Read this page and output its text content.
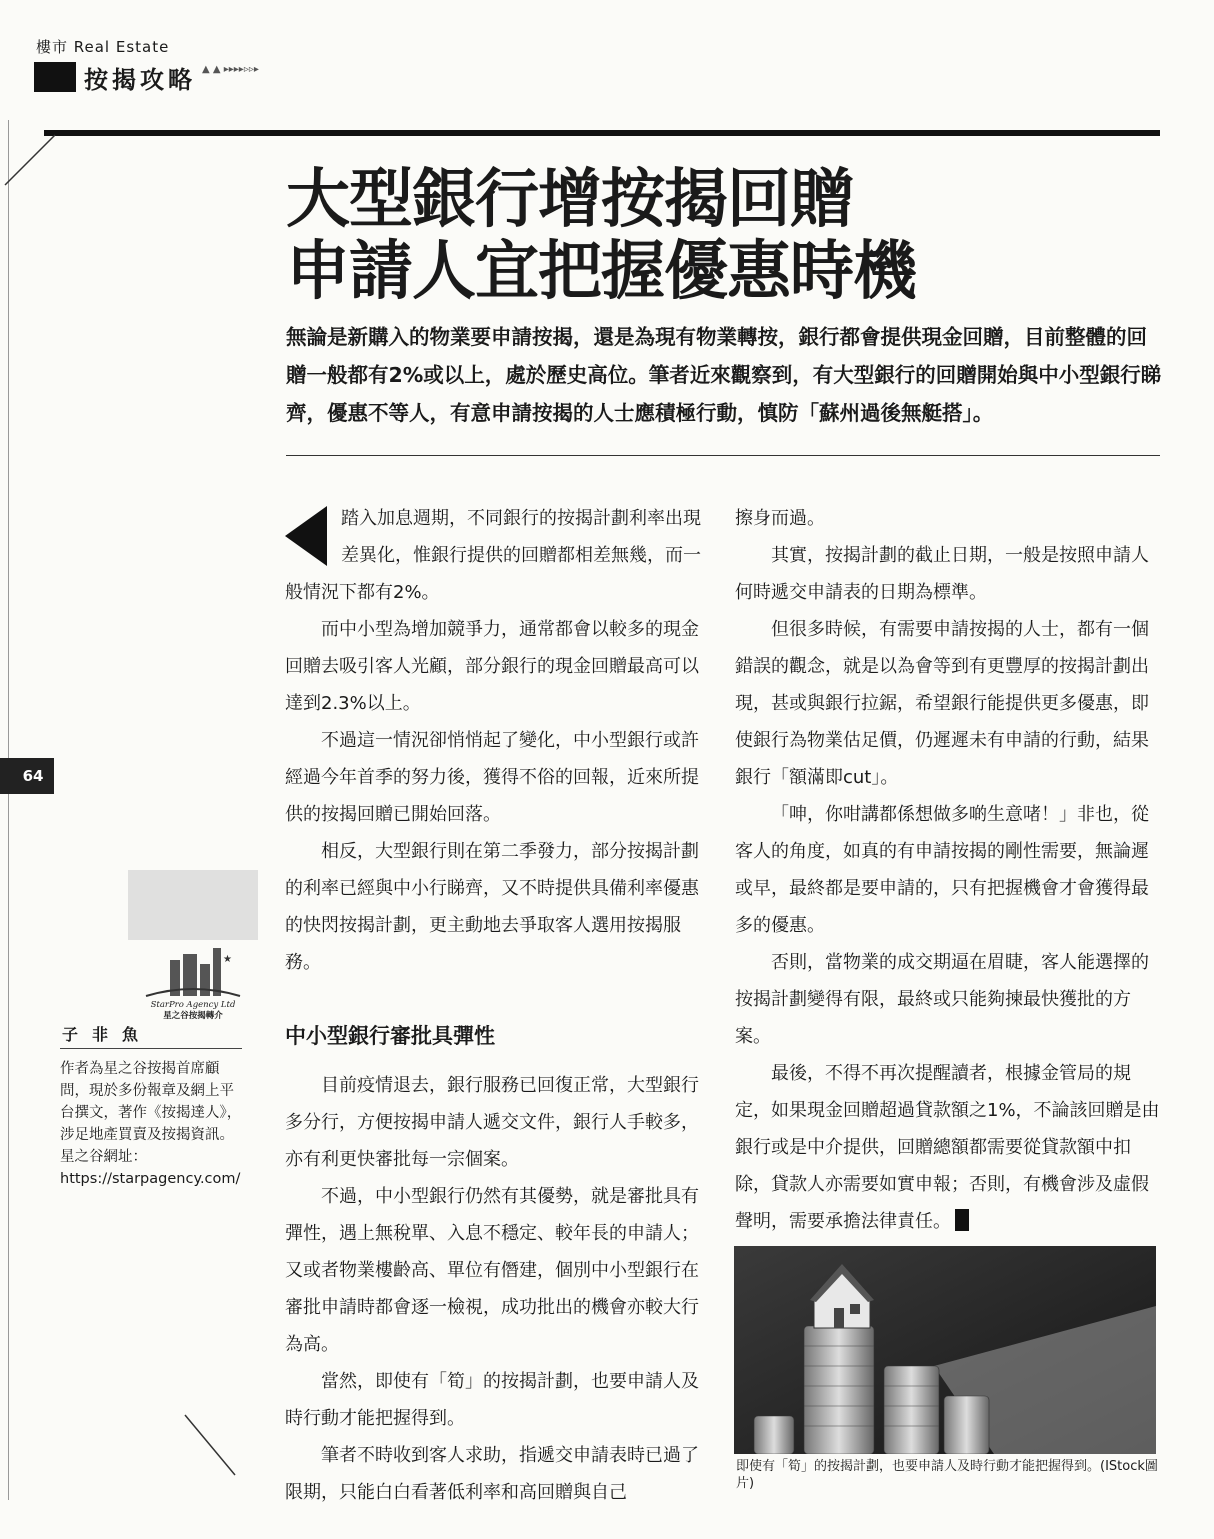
樓市 Real Estate
按揭攻略 ▲ ▲ ▸▸▸▸▹▹▸
64
大型銀行增按揭回贈
申請人宜把握優惠時機
無論是新購入的物業要申請按揭，還是為現有物業轉按，銀行都會提供現金回贈，目前整體的回贈一般都有2%或以上，處於歷史高位。筆者近來觀察到，有大型銀行的回贈開始與中小型銀行睇齊，優惠不等人，有意申請按揭的人士應積極行動，慎防「蘇州過後無艇搭」。

踏入加息週期，不同銀行的按揭計劃利率出現差異化，惟銀行提供的回贈都相差無幾，而一般情況下都有2%。

而中小型為增加競爭力，通常都會以較多的現金回贈去吸引客人光顧，部分銀行的現金回贈最高可以達到2.3%以上。

不過這一情況卻悄悄起了變化，中小型銀行或許經過今年首季的努力後，獲得不俗的回報，近來所提供的按揭回贈已開始回落。

相反，大型銀行則在第二季發力，部分按揭計劃的利率已經與中小行睇齊，又不時提供具備利率優惠的快閃按揭計劃，更主動地去爭取客人選用按揭服務。

中小型銀行審批具彈性

目前疫情退去，銀行服務已回復正常，大型銀行多分行，方便按揭申請人遞交文件，銀行人手較多，亦有利更快審批每一宗個案。

不過，中小型銀行仍然有其優勢，就是審批具有彈性，遇上無稅單、入息不穩定、較年長的申請人；又或者物業樓齡高、單位有僭建，個別中小型銀行在審批申請時都會逐一檢視，成功批出的機會亦較大行為高。

當然，即使有「筍」的按揭計劃，也要申請人及時行動才能把握得到。

筆者不時收到客人求助，指遞交申請表時已過了限期，只能白白看著低利率和高回贈與自己

擦身而過。

其實，按揭計劃的截止日期，一般是按照申請人何時遞交申請表的日期為標準。

但很多時候，有需要申請按揭的人士，都有一個錯誤的觀念，就是以為會等到有更豐厚的按揭計劃出現，甚或與銀行拉鋸，希望銀行能提供更多優惠，即使銀行為物業估足價，仍遲遲未有申請的行動，結果銀行「額滿即cut」。

「呻，你咁講都係想做多啲生意啫！」非也，從客人的角度，如真的有申請按揭的剛性需要，無論遲或早，最終都是要申請的，只有把握機會才會獲得最多的優惠。

否則，當物業的成交期逼在眉睫，客人能選擇的按揭計劃變得有限，最終或只能夠揀最快獲批的方案。

最後，不得不再次提醒讀者，根據金管局的規定，如果現金回贈超過貸款額之1%，不論該回贈是由銀行或是中介提供，回贈總額都需要從貸款額中扣除，貸款人亦需要如實申報；否則，有機會涉及虛假聲明，需要承擔法律責任。

即使有「筍」的按揭計劃，也要申請人及時行動才能把握得到。(IStock圖片)
★
StarPro Agency Ltd
星之谷按揭轉介
子非魚
作者為星之谷按揭首席顧問，現於多份報章及網上平台撰文，著作《按揭達人》，涉足地產買賣及按揭資訊。
星之谷網址：
https://starpagency.com/
